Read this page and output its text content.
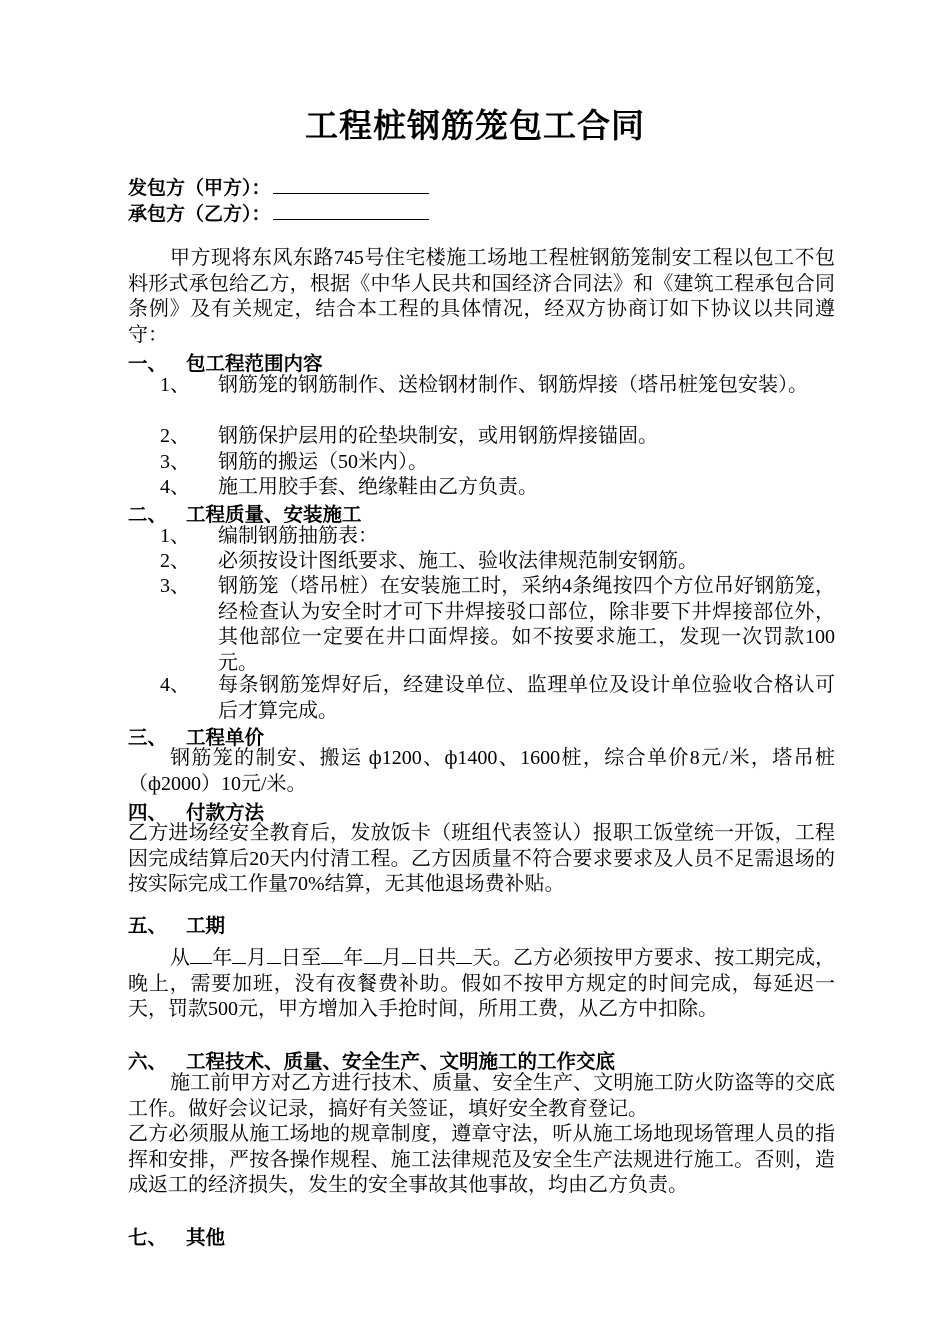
工程桩钢筋笼包工合同
发包方（甲方）：
承包方（乙方）：
甲方现将东风东路745号住宅楼施工场地工程桩钢筋笼制安工程以包工不包料形式承包给乙方，根据《中华人民共和国经济合同法》和《建筑工程承包合同条例》及有关规定，结合本工程的具体情况，经双方协商订如下协议以共同遵守：
一、 包工程范围内容
1、 钢筋笼的钢筋制作、送检钢材制作、钢筋焊接（塔吊桩笼包安装）。
2、 钢筋保护层用的砼垫块制安，或用钢筋焊接锚固。
3、 钢筋的搬运（50米内）。
4、 施工用胶手套、绝缘鞋由乙方负责。
二、 工程质量、安装施工
1、 编制钢筋抽筋表：
2、 必须按设计图纸要求、施工、验收法律规范制安钢筋。
3、 钢筋笼（塔吊桩）在安装施工时，采纳4条绳按四个方位吊好钢筋笼，经检查认为安全时才可下井焊接驳口部位，除非要下井焊接部位外，其他部位一定要在井口面焊接。如不按要求施工，发现一次罚款100元。
4、 每条钢筋笼焊好后，经建设单位、监理单位及设计单位验收合格认可后才算完成。
三、 工程单价
钢筋笼的制安、搬运 ф1200、ф1400、1600桩，综合单价8元/米，塔吊桩（ф2000）10元/米。
四、 付款方法
乙方进场经安全教育后，发放饭卡（班组代表签认）报职工饭堂统一开饭，工程因完成结算后20天内付清工程。乙方因质量不符合要求要求及人员不足需退场的按实际完成工作量70%结算，无其他退场费补贴。
五、 工期
从 年 月 日至 年 月 日共 天。乙方必须按甲方要求、按工期完成，晚上，需要加班，没有夜餐费补助。假如不按甲方规定的时间完成，每延迟一天，罚款500元，甲方增加入手抢时间，所用工费，从乙方中扣除。
六、 工程技术、质量、安全生产、文明施工的工作交底
施工前甲方对乙方进行技术、质量、安全生产、文明施工防火防盗等的交底工作。做好会议记录，搞好有关签证，填好安全教育登记。
乙方必须服从施工场地的规章制度，遵章守法，听从施工场地现场管理人员的指挥和安排，严按各操作规程、施工法律规范及安全生产法规进行施工。否则，造成返工的经济损失，发生的安全事故其他事故，均由乙方负责。
七、 其他
